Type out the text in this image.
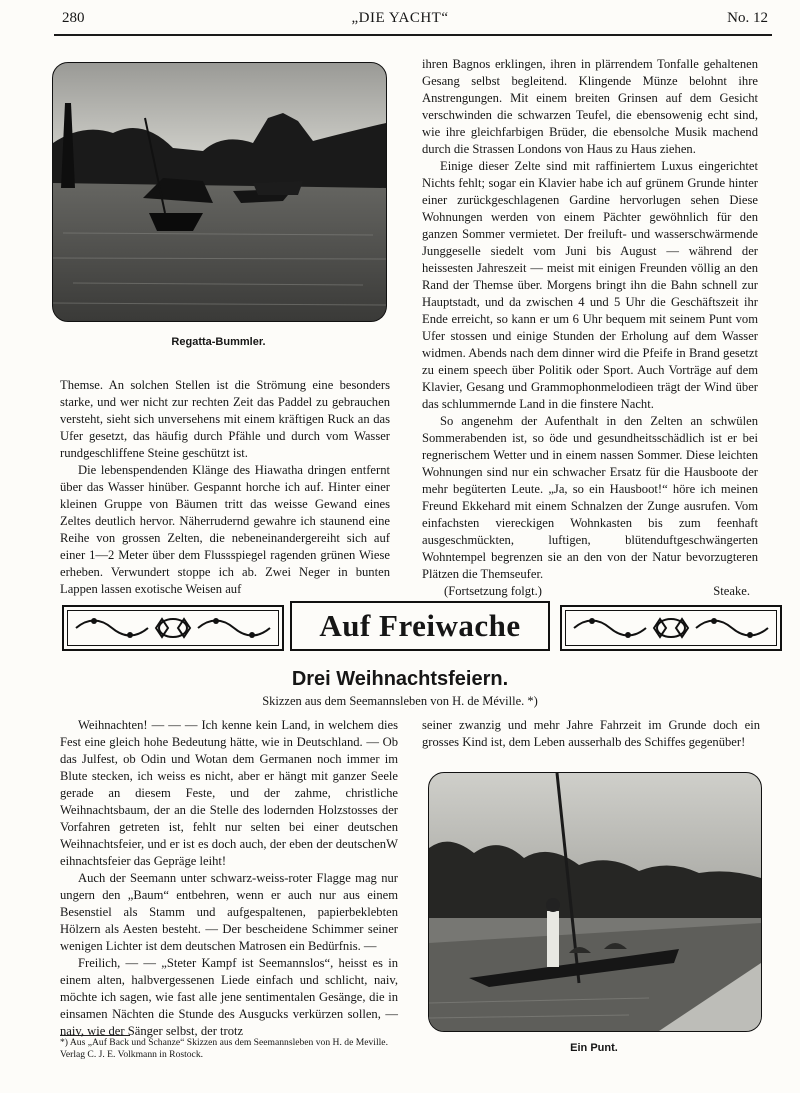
280	„DIE YACHT“	No. 12
Regatta-Bummler.

Themse. An solchen Stellen ist die Strömung eine besonders starke, und wer nicht zur rechten Zeit das Paddel zu gebrauchen versteht, sieht sich unversehens mit einem kräftigen Ruck an das Ufer gesetzt, das häufig durch Pfähle und durch vom Wasser rundgeschliffene Steine geschützt ist.

Die lebenspendenden Klänge des Hiawatha dringen entfernt über das Wasser hinüber. Gespannt horche ich auf. Hinter einer kleinen Gruppe von Bäumen tritt das weisse Gewand eines Zeltes deutlich hervor. Näherrudernd gewahre ich staunend eine Reihe von grossen Zelten, die nebeneinandergereiht sich auf einer 1—2 Meter über dem Flussspiegel ragenden grünen Wiese erheben. Verwundert stoppe ich ab. Zwei Neger in bunten Lappen lassen exotische Weisen auf

ihren Bagnos erklingen, ihren in plärrendem Tonfalle gehaltenen Gesang selbst begleitend. Klingende Münze belohnt ihre Anstrengungen. Mit einem breiten Grinsen auf dem Gesicht verschwinden die schwarzen Teufel, die ebensowenig echt sind, wie ihre gleichfarbigen Brüder, die ebensolche Musik machend durch die Strassen Londons von Haus zu Haus ziehen.

Einige dieser Zelte sind mit raffiniertem Luxus eingerichtet Nichts fehlt; sogar ein Klavier habe ich auf grünem Grunde hinter einer zurückgeschlagenen Gardine hervorlugen sehen Diese Wohnungen werden von einem Pächter gewöhnlich für den ganzen Sommer vermietet. Der freiluft- und wasserschwärmende Junggeselle siedelt vom Juni bis August — während der heissesten Jahreszeit — meist mit einigen Freunden völlig an den Rand der Themse über. Morgens bringt ihn die Bahn schnell zur Hauptstadt, und da zwischen 4 und 5 Uhr die Geschäftszeit ihr Ende erreicht, so kann er um 6 Uhr bequem mit seinem Punt vom Ufer stossen und einige Stunden der Erholung auf dem Wasser widmen. Abends nach dem dinner wird die Pfeife in Brand gesetzt zu einem speech über Politik oder Sport. Auch Vorträge auf dem Klavier, Gesang und Grammophonmelodieen trägt der Wind über das schlummernde Land in die finstere Nacht.

So angenehm der Aufenthalt in den Zelten an schwülen Sommerabenden ist, so öde und gesundheitsschädlich ist er bei regnerischem Wetter und in einem nassen Sommer. Diese leichten Wohnungen sind nur ein schwacher Ersatz für die Hausboote der mehr begüterten Leute. „Ja, so ein Hausboot!“ höre ich meinen Freund Ekkehard mit einem Schnalzen der Zunge ausrufen. Vom einfachsten viereckigen Wohnkasten bis zum feenhaft ausgeschmückten, luftigen, blütenduftgeschwängerten Wohntempel begrenzen sie an den von der Natur bevorzugteren Plätzen die Themseufer.

(Fortsetzung folgt.)	Steake.

Auf Freiwache
Drei Weihnachtsfeiern.
Skizzen aus dem Seemannsleben von H. de Méville. *)

Weihnachten! — — — Ich kenne kein Land, in welchem dies Fest eine gleich hohe Bedeutung hätte, wie in Deutschland. — Ob das Julfest, ob Odin und Wotan dem Germanen noch immer im Blute stecken, ich weiss es nicht, aber er hängt mit ganzer Seele gerade an diesem Feste, und der zahme, christliche Weihnachtsbaum, der an die Stelle des lodernden Holzstosses der Vorfahren getreten ist, fehlt nur selten bei einer deutschen Weihnachtsfeier, und er ist es doch auch, der eben der deutschenW eihnachtsfeier das Gepräge leiht!

Auch der Seemann unter schwarz-weiss-roter Flagge mag nur ungern den „Baum“ entbehren, wenn er auch nur aus einem Besenstiel als Stamm und aufgespaltenen, papierbeklebten Hölzern als Aesten besteht. — Der bescheidene Schimmer seiner wenigen Lichter ist dem deutschen Matrosen ein Bedürfnis. —

Freilich, — — „Steter Kampf ist Seemannslos“, heisst es in einem alten, halbvergessenen Liede einfach und schlicht, naiv, möchte ich sagen, wie fast alle jene sentimentalen Gesänge, die in einsamen Nächten die Stunde des Ausgucks verkürzen sollen, — naiv, wie der Sänger selbst, der trotz

*) Aus „Auf Back und Schanze“ Skizzen aus dem Seemannsleben von H. de Meville. Verlag C. J. E. Volkmann in Rostock.

seiner zwanzig und mehr Jahre Fahrzeit im Grunde doch ein grosses Kind ist, dem Leben ausserhalb des Schiffes gegenüber!

Ein Punt.
